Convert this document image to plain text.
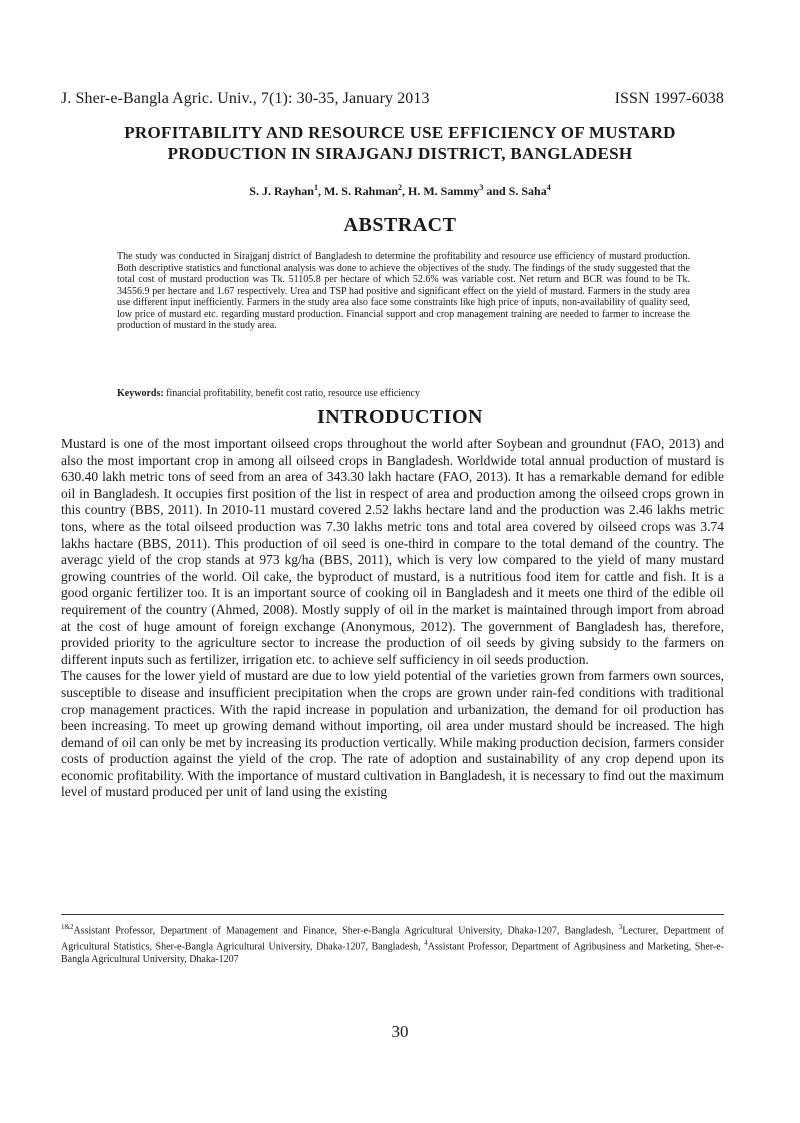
J. Sher-e-Bangla Agric. Univ., 7(1): 30-35, January 2013	ISSN 1997-6038
PROFITABILITY AND RESOURCE USE EFFICIENCY OF MUSTARD PRODUCTION IN SIRAJGANJ DISTRICT, BANGLADESH
S. J. Rayhan$^1$, M. S. Rahman$^2$, H. M. Sammy$^3$ and S. Saha$^4$
ABSTRACT
The study was conducted in Sirajganj district of Bangladesh to determine the profitability and resource use efficiency of mustard production. Both descriptive statistics and functional analysis was done to achieve the objectives of the study. The findings of the study suggested that the total cost of mustard production was Tk. 51105.8 per hectare of which 52.6% was variable cost. Net return and BCR was found to be Tk. 34556.9 per hectare and 1.67 respectively. Urea and TSP had positive and significant effect on the yield of mustard. Farmers in the study area use different input inefficiently. Farmers in the study area also face some constraints like high price of inputs, non-availability of quality seed, low price of mustard etc. regarding mustard production. Financial support and crop management training are needed to farmer to increase the production of mustard in the study area.
Keywords: financial profitability, benefit cost ratio, resource use efficiency
INTRODUCTION

Mustard is one of the most important oilseed crops throughout the world after Soybean and groundnut (FAO, 2013) and also the most important crop in among all oilseed crops in Bangladesh. Worldwide total annual production of mustard is 630.40 lakh metric tons of seed from an area of 343.30 lakh hactare (FAO, 2013). It has a remarkable demand for edible oil in Bangladesh. It occupies first position of the list in respect of area and production among the oilseed crops grown in this country (BBS, 2011). In 2010-11 mustard covered 2.52 lakhs hectare land and the production was 2.46 lakhs metric tons, where as the total oilseed production was 7.30 lakhs metric tons and total area covered by oilseed crops was 3.74 lakhs hactare (BBS, 2011). This production of oil seed is one-third in compare to the total demand of the country. The averagc yield of the crop stands at 973 kg/ha (BBS, 2011), which is very low compared to the yield of many mustard growing countries of the world. Oil cake, the byproduct of mustard, is a nutritious food item for cattle and fish. It is a good organic fertilizer too. It is an important source of cooking oil in Bangladesh and it meets one third of the edible oil requirement of the country (Ahmed, 2008). Mostly supply of oil in the market is maintained through import from abroad at the cost of huge amount of foreign exchange (Anonymous, 2012). The government of Bangladesh has, therefore, provided priority to the agriculture sector to increase the production of oil seeds by giving subsidy to the farmers on different inputs such as fertilizer, irrigation etc. to achieve self sufficiency in oil seeds production.

The causes for the lower yield of mustard are due to low yield potential of the varieties grown from farmers own sources, susceptible to disease and insufficient precipitation when the crops are grown under rain-fed conditions with traditional crop management practices. With the rapid increase in population and urbanization, the demand for oil production has been increasing. To meet up growing demand without importing, oil area under mustard should be increased. The high demand of oil can only be met by increasing its production vertically. While making production decision, farmers consider costs of production against the yield of the crop. The rate of adoption and sustainability of any crop depend upon its economic profitability. With the importance of mustard cultivation in Bangladesh, it is necessary to find out the maximum level of mustard produced per unit of land using the existing

$^{1\&2}$Assistant Professor, Department of Management and Finance, Sher-e-Bangla Agricultural University, Dhaka-1207, Bangladesh, $^3$Lecturer, Department of Agricultural Statistics, Sher-e-Bangla Agricultural University, Dhaka-1207, Bangladesh, $^4$Assistant Professor, Department of Agribusiness and Marketing, Sher-e-Bangla Agricultural University, Dhaka-1207
30
